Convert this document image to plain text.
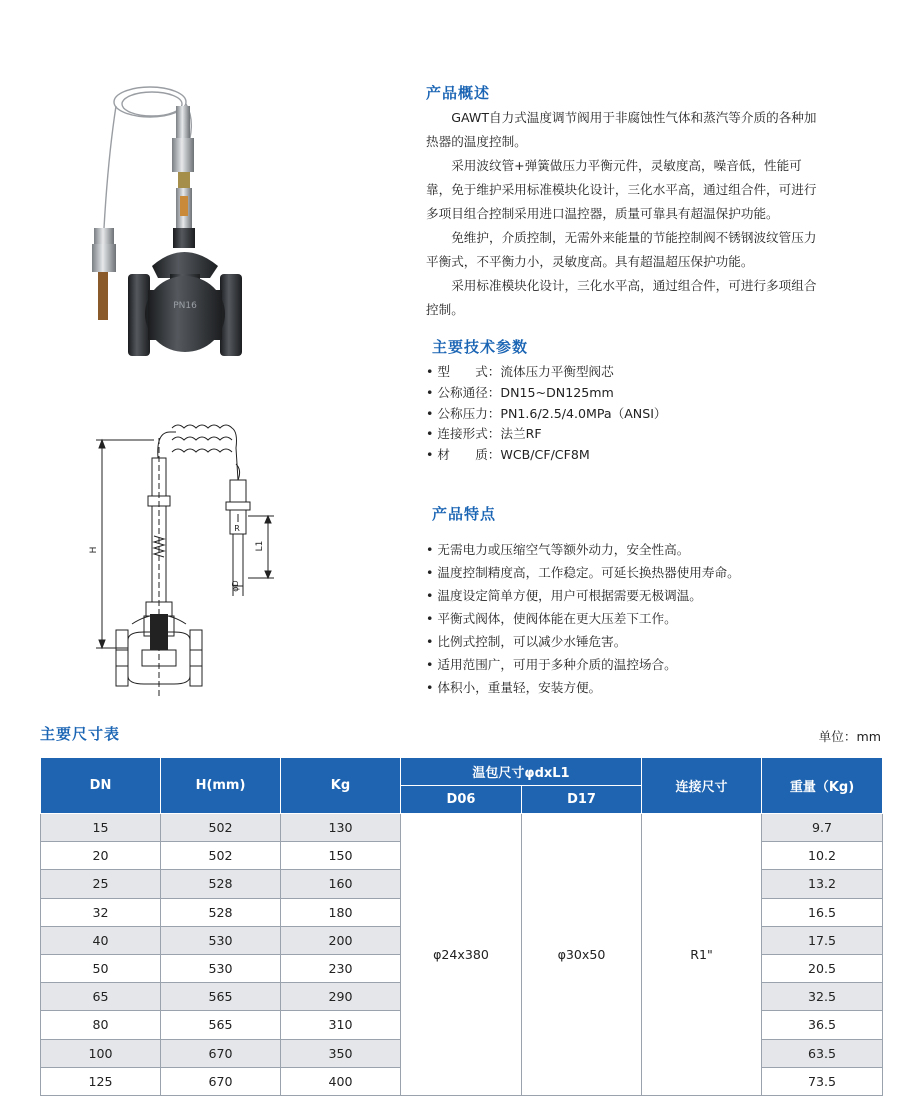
PN16
R
H	L1
φD
产品概述

GAWT自力式温度调节阀用于非腐蚀性气体和蒸汽等介质的各种加热器的温度控制。

采用波纹管+弹簧做压力平衡元件，灵敏度高，噪音低，性能可靠，免于维护采用标准模块化设计，三化水平高，通过组合件，可进行多项目组合控制采用进口温控器，质量可靠具有超温保护功能。

免维护，介质控制，无需外来能量的节能控制阀不锈钢波纹管压力平衡式，不平衡力小，灵敏度高。具有超温超压保护功能。

采用标准模块化设计，三化水平高，通过组合件，可进行多项组合控制。

主要技术参数
• 型　　式：流体压力平衡型阀芯
• 公称通径：DN15~DN125mm
• 公称压力：PN1.6/2.5/4.0MPa（ANSI）
• 连接形式：法兰RF
• 材　　质：WCB/CF/CF8M
产品特点
• 无需电力或压缩空气等额外动力，安全性高。
• 温度控制精度高，工作稳定。可延长换热器使用寿命。
• 温度设定简单方便，用户可根据需要无极调温。
• 平衡式阀体，使阀体能在更大压差下工作。
• 比例式控制，可以减少水锤危害。
• 适用范围广，可用于多种介质的温控场合。
• 体积小，重量轻，安装方便。
主要尺寸表	单位：mm
DN	H(mm)	Kg	温包尺寸φdxL1		连接尺寸	重量（Kg)
			D06	D17		
15	502	130	φ24x380	φ30x50	R1"	9.7
20	502	150				10.2
25	528	160				13.2
32	528	180				16.5
40	530	200				17.5
50	530	230				20.5
65	565	290				32.5
80	565	310				36.5
100	670	350				63.5
125	670	400				73.5
